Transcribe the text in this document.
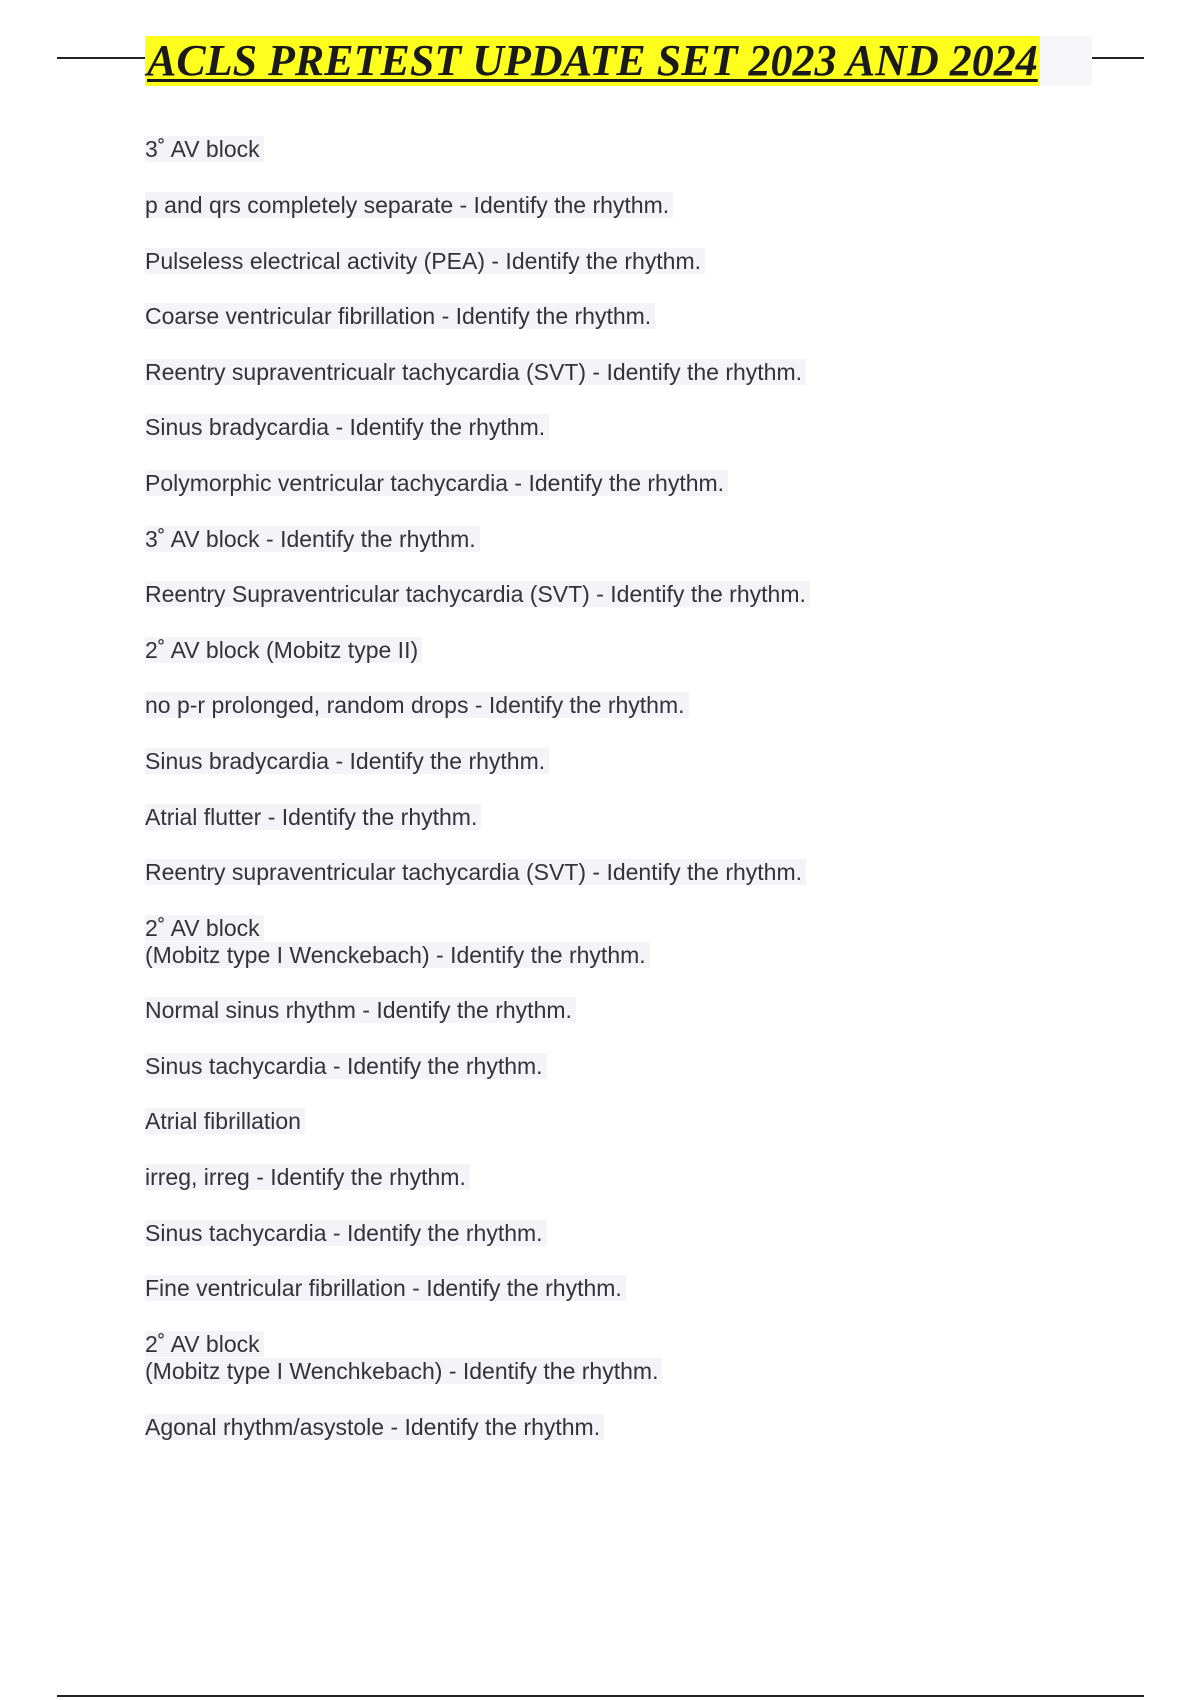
ACLS PRETEST UPDATE SET 2023 AND 2024
3˚ AV block
p and qrs completely separate - Identify the rhythm.
Pulseless electrical activity (PEA) - Identify the rhythm.
Coarse ventricular fibrillation - Identify the rhythm.
Reentry supraventricualr tachycardia (SVT) - Identify the rhythm.
Sinus bradycardia - Identify the rhythm.
Polymorphic ventricular tachycardia - Identify the rhythm.
3˚ AV block - Identify the rhythm.
Reentry Supraventricular tachycardia (SVT) - Identify the rhythm.
2˚ AV block (Mobitz type II)
no p-r prolonged, random drops - Identify the rhythm.
Sinus bradycardia - Identify the rhythm.
Atrial flutter - Identify the rhythm.
Reentry supraventricular tachycardia (SVT) - Identify the rhythm.
2˚ AV block
(Mobitz type I Wenckebach) - Identify the rhythm.
Normal sinus rhythm - Identify the rhythm.
Sinus tachycardia - Identify the rhythm.
Atrial fibrillation
irreg, irreg - Identify the rhythm.
Sinus tachycardia - Identify the rhythm.
Fine ventricular fibrillation - Identify the rhythm.
2˚ AV block
(Mobitz type I Wenchkebach) - Identify the rhythm.
Agonal rhythm/asystole - Identify the rhythm.
